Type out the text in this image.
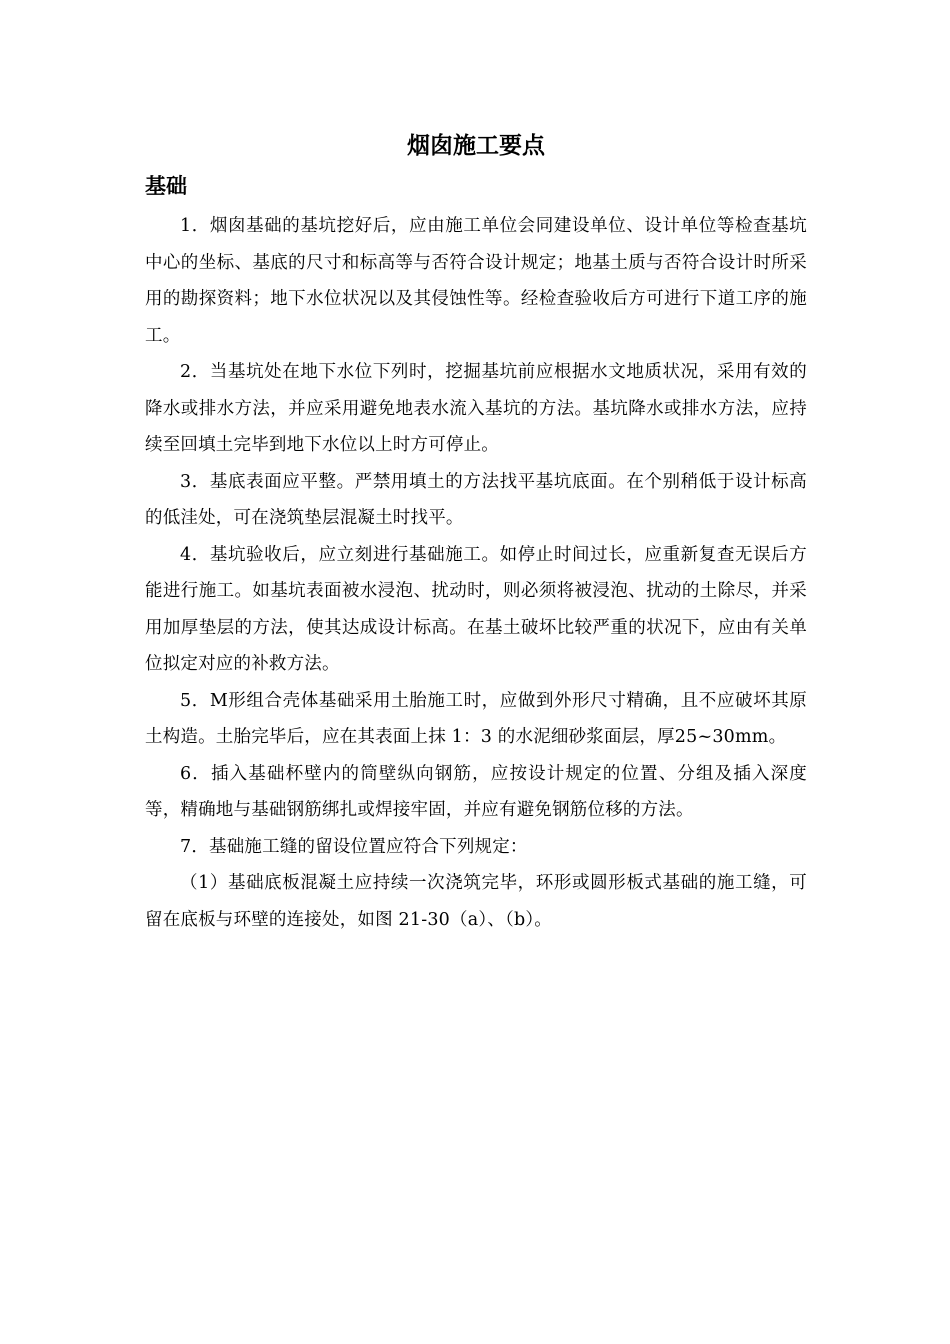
烟囱施工要点
基础

1．烟囱基础的基坑挖好后，应由施工单位会同建设单位、设计单位等检查基坑中心的坐标、基底的尺寸和标高等与否符合设计规定；地基土质与否符合设计时所采用的勘探资料；地下水位状况以及其侵蚀性等。经检查验收后方可进行下道工序的施工。

2．当基坑处在地下水位下列时，挖掘基坑前应根据水文地质状况，采用有效的降水或排水方法，并应采用避免地表水流入基坑的方法。基坑降水或排水方法，应持续至回填土完毕到地下水位以上时方可停止。

3．基底表面应平整。严禁用填土的方法找平基坑底面。在个别稍低于设计标高的低洼处，可在浇筑垫层混凝土时找平。

4．基坑验收后，应立刻进行基础施工。如停止时间过长，应重新复查无误后方能进行施工。如基坑表面被水浸泡、扰动时，则必须将被浸泡、扰动的土除尽，并采用加厚垫层的方法，使其达成设计标高。在基土破坏比较严重的状况下，应由有关单位拟定对应的补救方法。

5．M形组合壳体基础采用土胎施工时，应做到外形尺寸精确，且不应破坏其原土构造。土胎完毕后，应在其表面上抹 1：3 的水泥细砂浆面层，厚25~30mm。

6．插入基础杯壁内的筒壁纵向钢筋，应按设计规定的位置、分组及插入深度等，精确地与基础钢筋绑扎或焊接牢固，并应有避免钢筋位移的方法。

7．基础施工缝的留设位置应符合下列规定：

（1）基础底板混凝土应持续一次浇筑完毕，环形或圆形板式基础的施工缝，可留在底板与环壁的连接处，如图 21-30（a）、（b）。
